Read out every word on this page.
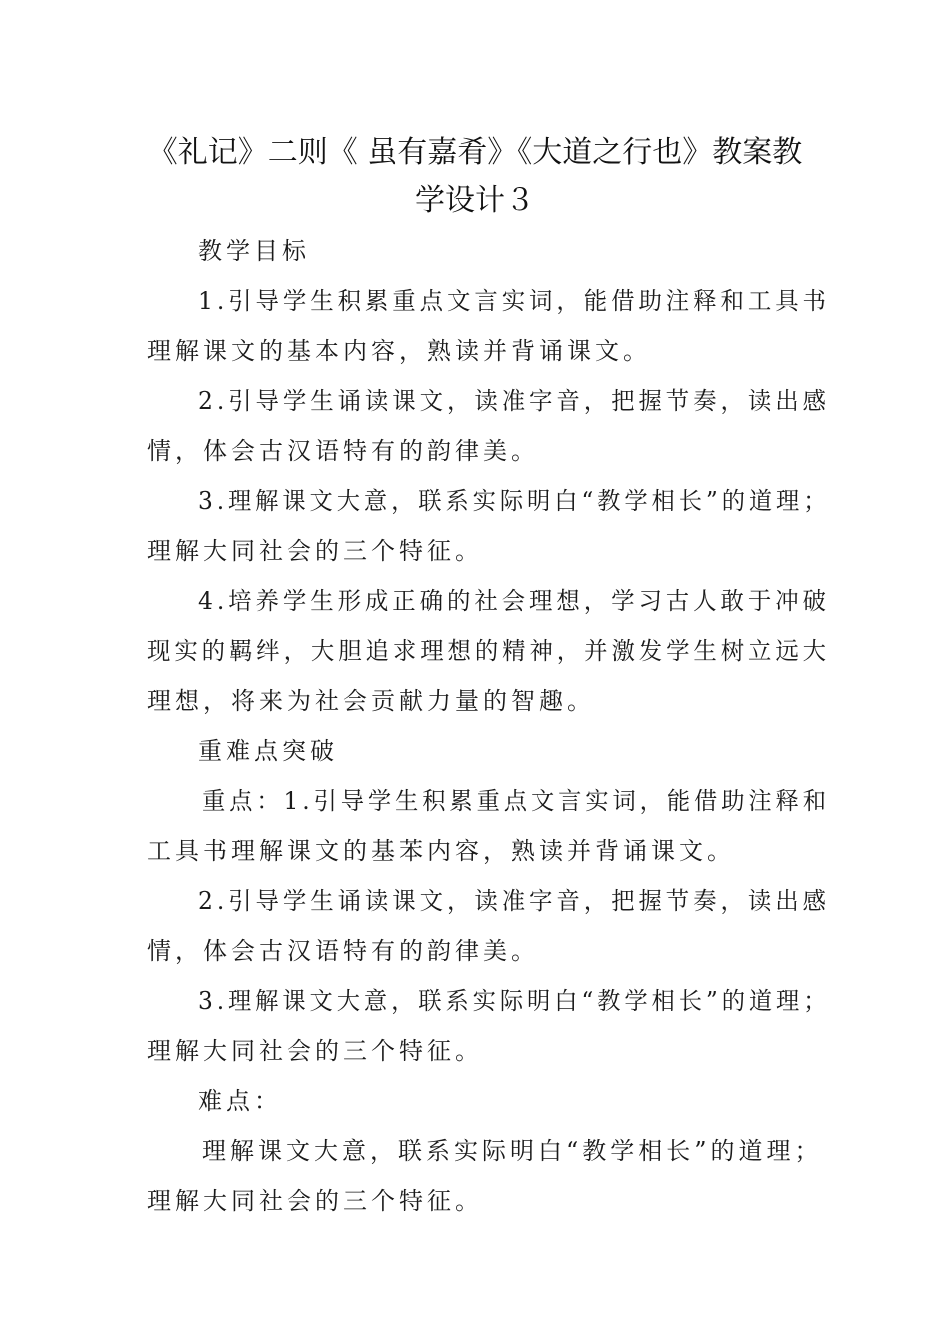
《礼记》二则《 虽有嘉肴》《大道之行也》教案教
学设计３

教学目标

1.引导学生积累重点文言实词，能借助注释和工具书

理解课文的基本内容，熟读并背诵课文。

2.引导学生诵读课文，读准字音，把握节奏，读出感

情，体会古汉语特有的韵律美。

3.理解课文大意，联系实际明白“教学相长”的道理；

理解大同社会的三个特征。

4.培养学生形成正确的社会理想，学习古人敢于冲破

现实的羁绊，大胆追求理想的精神，并激发学生树立远大

理想，将来为社会贡献力量的智趣。

重难点突破

重点：1.引导学生积累重点文言实词，能借助注释和

工具书理解课文的基苯内容，熟读并背诵课文。

2.引导学生诵读课文，读准字音，把握节奏，读出感

情，体会古汉语特有的韵律美。

3.理解课文大意，联系实际明白“教学相长”的道理；

理解大同社会的三个特征。

难点：

理解课文大意，联系实际明白“教学相长”的道理；

理解大同社会的三个特征。
